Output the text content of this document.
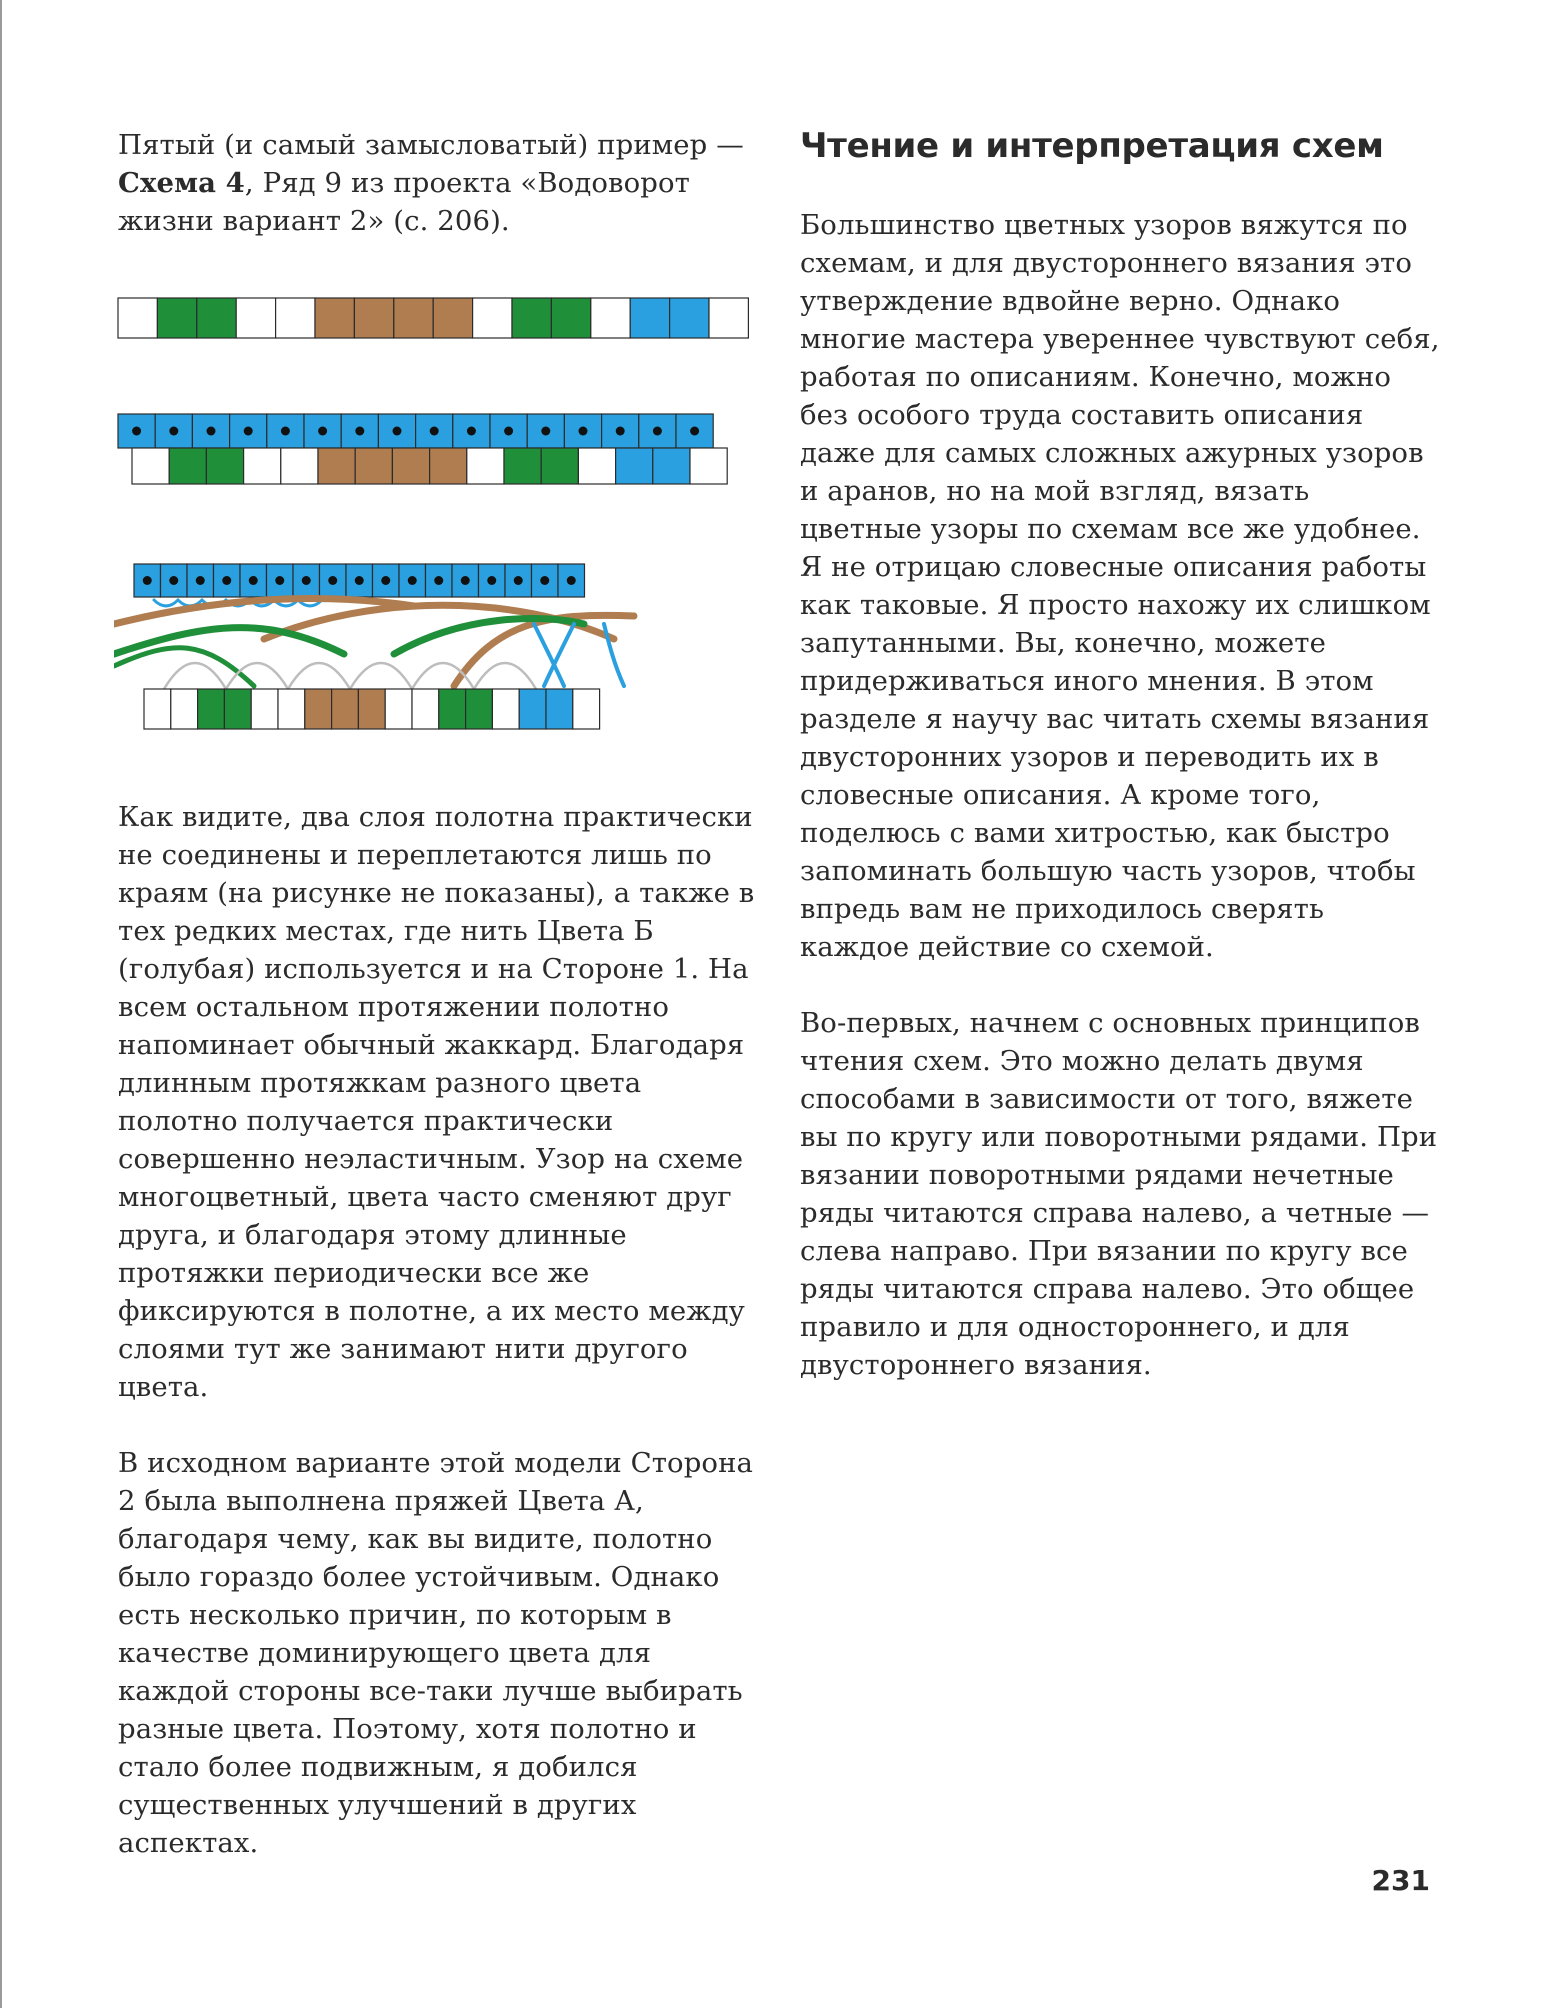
Пятый (и самый замысловатый) пример — Схема 4, Ряд 9 из проекта «Водоворот жизни вариант 2» (с. 206).

Как видите, два слоя полотна практически не соединены и переплетаются лишь по краям (на рисунке не показаны), а также в тех редких местах, где нить Цвета Б (голубая) используется и на Стороне 1. На всем остальном протяжении полотно напоминает обычный жаккард. Благодаря длинным протяжкам разного цвета полотно получается практически совершенно неэластичным. Узор на схеме многоцветный, цвета часто сменяют друг друга, и благодаря этому длинные протяжки периодически все же фиксируются в полотне, а их место между слоями тут же занимают нити другого цвета.

В исходном варианте этой модели Сторона 2 была выполнена пряжей Цвета А, благодаря чему, как вы видите, полотно было гораздо более устойчивым. Однако есть несколько причин, по которым в качестве доминирующего цвета для каждой стороны все-таки лучше выбирать разные цвета. Поэтому, хотя полотно и стало более подвижным, я добился существенных улучшений в других аспектах.

Чтение и интерпретация схем

Большинство цветных узоров вяжутся по схемам, и для двустороннего вязания это утверждение вдвойне верно. Однако многие мастера увереннее чувствуют себя, работая по описаниям. Конечно, можно без особого труда составить описания даже для самых сложных ажурных узоров и аранов, но на мой взгляд, вязать цветные узоры по схемам все же удобнее. Я не отрицаю словесные описания работы как таковые. Я просто нахожу их слишком запутанными. Вы, конечно, можете придерживаться иного мнения. В этом разделе я научу вас читать схемы вязания двусторонних узоров и переводить их в словесные описания. А кроме того, поделюсь с вами хитростью, как быстро запоминать большую часть узоров, чтобы впредь вам не приходилось сверять каждое действие со схемой.

Во-первых, начнем с основных принципов чтения схем. Это можно делать двумя способами в зависимости от того, вяжете вы по кругу или поворотными рядами. При вязании поворотными рядами нечетные ряды читаются справа налево, а четные — слева направо. При вязании по кругу все ряды читаются справа налево. Это общее правило и для одностороннего, и для двустороннего вязания.

231
